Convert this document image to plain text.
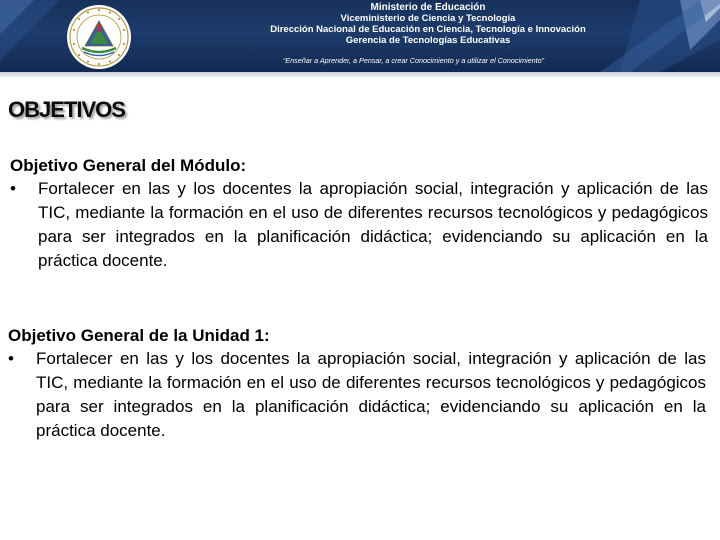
Ministerio de Educación
Viceministerio de Ciencia y Tecnología
Dirección Nacional de Educación en Ciencia, Tecnología e Innovación
Gerencia de Tecnologías Educativas
“Enseñar a Aprender, a Pensar, a crear Conocimiento y a utilizar el Conocimiento”
OBJETIVOS
Objetivo General del Módulo:
• Fortalecer en las y los docentes la apropiación social, integración y aplicación de las TIC, mediante la formación en el uso de diferentes recursos tecnológicos y pedagógicos para ser integrados en la planificación didáctica; evidenciando su aplicación en la práctica docente.

Objetivo General de la Unidad 1:
• Fortalecer en las y los docentes la apropiación social, integración y aplicación de las TIC, mediante la formación en el uso de diferentes recursos tecnológicos y pedagógicos para ser integrados en la planificación didáctica; evidenciando su aplicación en la práctica docente.
